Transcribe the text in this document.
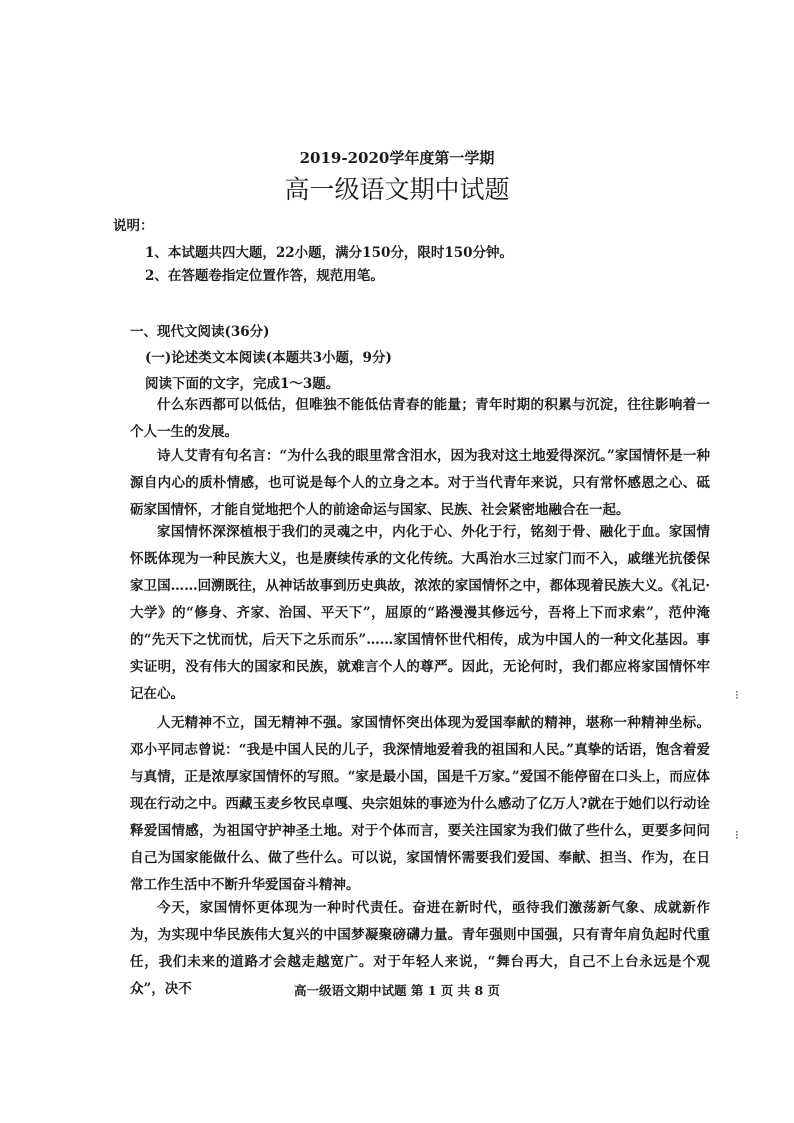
2019-2020学年度第一学期
高一级语文期中试题
说明：
1、本试题共四大题，22小题，满分150分，限时150分钟。
2、在答题卷指定位置作答，规范用笔。
一、现代文阅读(36分)
(一)论述类文本阅读(本题共3小题，9分)
阅读下面的文字，完成1～3题。
什么东西都可以低估，但唯独不能低估青春的能量；青年时期的积累与沉淀，往往影响着一个人一生的发展。
诗人艾青有句名言：“为什么我的眼里常含泪水，因为我对这土地爱得深沉。”家国情怀是一种源自内心的质朴情感，也可说是每个人的立身之本。对于当代青年来说，只有常怀感恩之心、砥砺家国情怀，才能自觉地把个人的前途命运与国家、民族、社会紧密地融合在一起。
家国情怀深深植根于我们的灵魂之中，内化于心、外化于行，铭刻于骨、融化于血。家国情怀既体现为一种民族大义，也是赓续传承的文化传统。大禹治水三过家门而不入，戚继光抗倭保家卫国……回溯既往，从神话故事到历史典故，浓浓的家国情怀之中，都体现着民族大义。《礼记·大学》的“修身、齐家、治国、平天下”，屈原的“路漫漫其修远兮，吾将上下而求索”，范仲淹的“先天下之忧而忧，后天下之乐而乐”……家国情怀世代相传，成为中国人的一种文化基因。事实证明，没有伟大的国家和民族，就难言个人的尊严。因此，无论何时，我们都应将家国情怀牢记在心。
人无精神不立，国无精神不强。家国情怀突出体现为爱国奉献的精神，堪称一种精神坐标。邓小平同志曾说：“我是中国人民的儿子，我深情地爱着我的祖国和人民。”真挚的话语，饱含着爱与真情，正是浓厚家国情怀的写照。“家是最小国，国是千万家。”爱国不能停留在口头上，而应体现在行动之中。西藏玉麦乡牧民卓嘎、央宗姐妹的事迹为什么感动了亿万人?就在于她们以行动诠释爱国情感，为祖国守护神圣土地。对于个体而言，要关注国家为我们做了些什么，更要多问问自己为国家能做什么、做了些什么。可以说，家国情怀需要我们爱国、奉献、担当、作为，在日常工作生活中不断升华爱国奋斗精神。
今天，家国情怀更体现为一种时代责任。奋进在新时代，亟待我们激荡新气象、成就新作为，为实现中华民族伟大复兴的中国梦凝聚磅礴力量。青年强则中国强，只有青年肩负起时代重任，我们未来的道路才会越走越宽广。对于年轻人来说，“舞台再大，自己不上台永远是个观众”，决不	高一级语文期中试题 第 1 页 共 8 页
⁝
⁝
